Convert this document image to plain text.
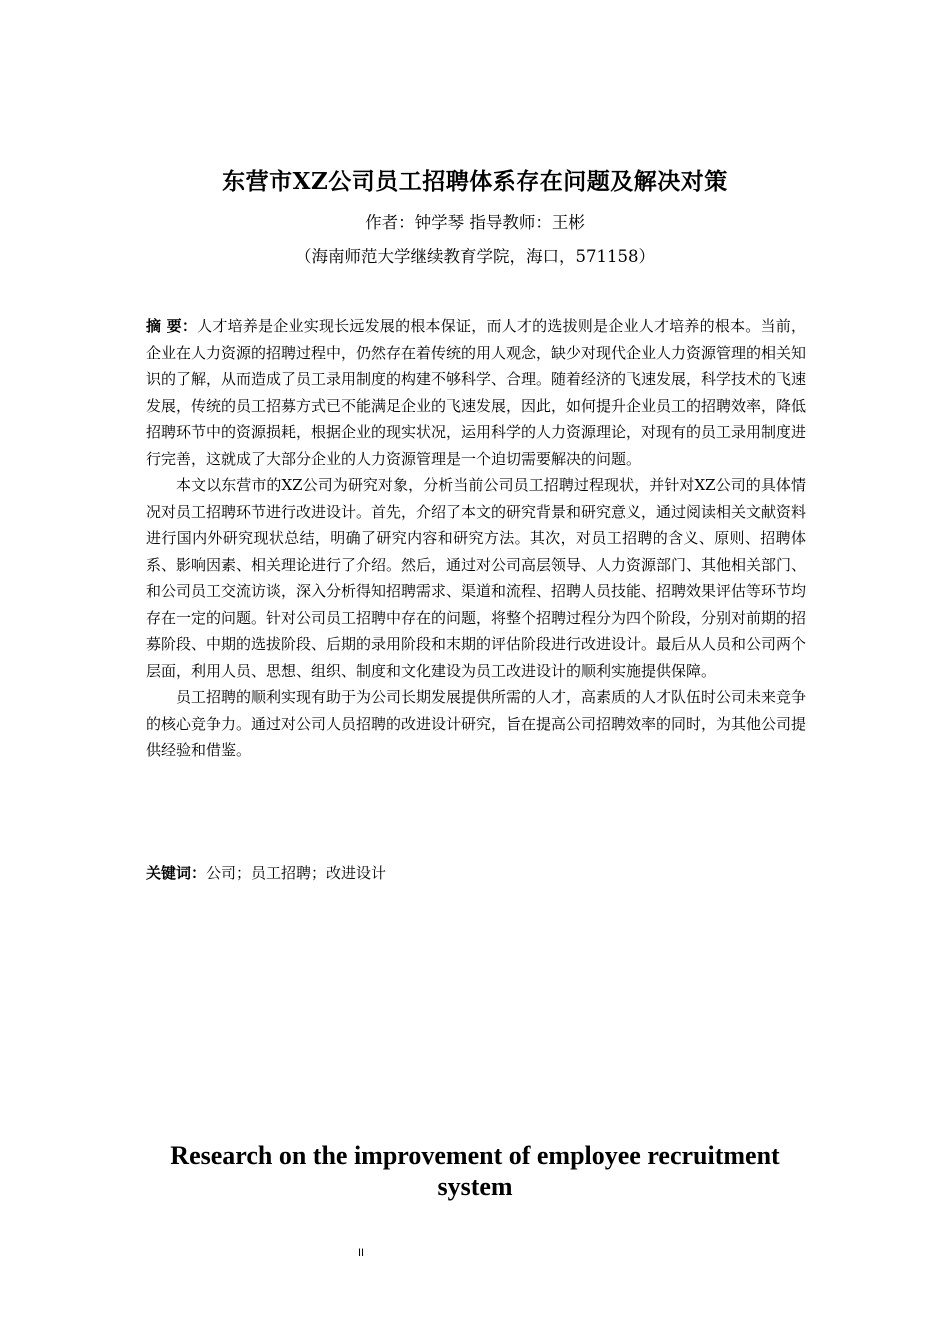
东营市XZ公司员工招聘体系存在问题及解决对策
作者：钟学琴 指导教师：王彬
（海南师范大学继续教育学院，海口，571158）

摘 要：人才培养是企业实现长远发展的根本保证，而人才的选拔则是企业人才培养的根本。当前，企业在人力资源的招聘过程中，仍然存在着传统的用人观念，缺少对现代企业人力资源管理的相关知识的了解，从而造成了员工录用制度的构建不够科学、合理。随着经济的飞速发展，科学技术的飞速发展，传统的员工招募方式已不能满足企业的飞速发展，因此，如何提升企业员工的招聘效率，降低招聘环节中的资源损耗，根据企业的现实状况，运用科学的人力资源理论，对现有的员工录用制度进行完善，这就成了大部分企业的人力资源管理是一个迫切需要解决的问题。

本文以东营市的XZ公司为研究对象，分析当前公司员工招聘过程现状，并针对XZ公司的具体情况对员工招聘环节进行改进设计。首先，介绍了本文的研究背景和研究意义，通过阅读相关文献资料进行国内外研究现状总结，明确了研究内容和研究方法。其次，对员工招聘的含义、原则、招聘体系、影响因素、相关理论进行了介绍。然后，通过对公司高层领导、人力资源部门、其他相关部门、和公司员工交流访谈，深入分析得知招聘需求、渠道和流程、招聘人员技能、招聘效果评估等环节均存在一定的问题。针对公司员工招聘中存在的问题，将整个招聘过程分为四个阶段，分别对前期的招募阶段、中期的选拔阶段、后期的录用阶段和末期的评估阶段进行改进设计。最后从人员和公司两个层面，利用人员、思想、组织、制度和文化建设为员工改进设计的顺利实施提供保障。

员工招聘的顺利实现有助于为公司长期发展提供所需的人才，高素质的人才队伍时公司未来竞争的核心竞争力。通过对公司人员招聘的改进设计研究，旨在提高公司招聘效率的同时，为其他公司提供经验和借鉴。

关键词：公司；员工招聘；改进设计
Research on the improvement of employee recruitment system
II
